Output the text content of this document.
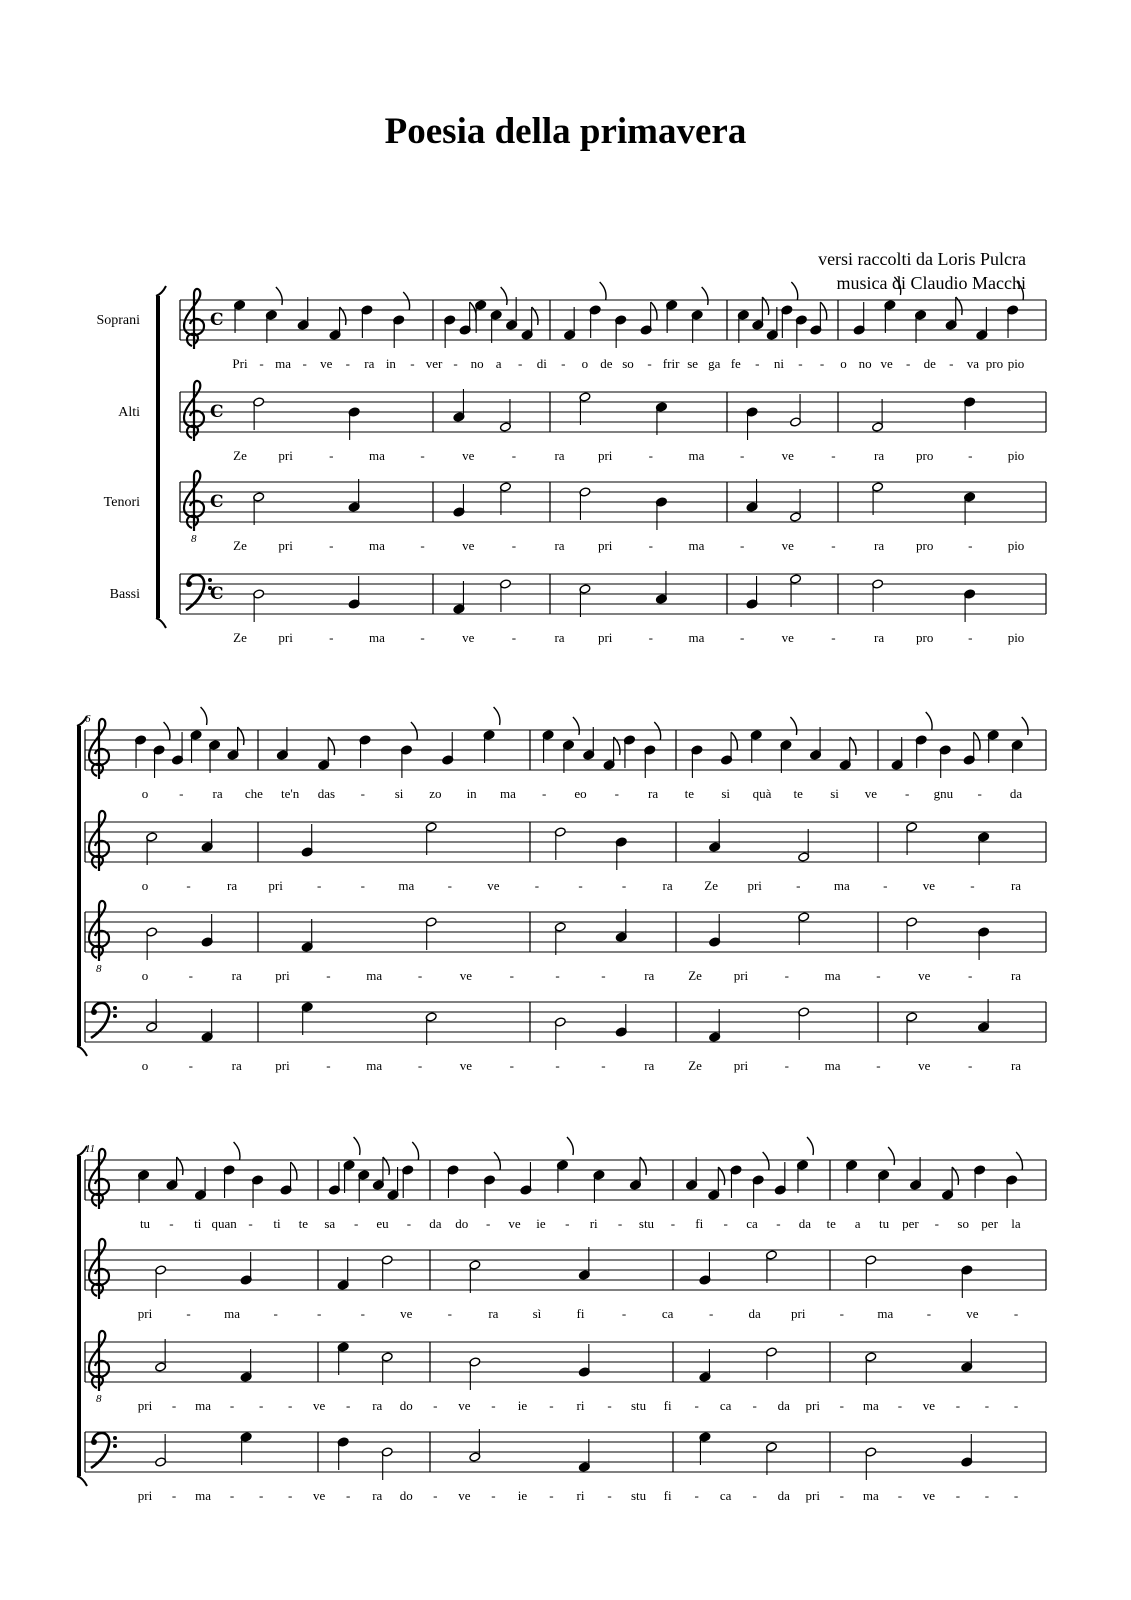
Poesia della primavera
versi raccolti da Loris Pulcra
musica di Claudio Macchi
C
Soprani
Pri - ma - ve - ra in - ver - no a - di - o de so - frir se ga fe - ni - - o no ve - de - va pro pio
C
Alti
Ze pri	-	ma	-	ve	-	ra	pri	-	ma	-	ve	-	ra pro	-	pio
8
C
Tenori
Ze pri	-	ma	-	ve	-	ra	pri	-	ma	-	ve	-	ra pro	-	pio
C
Bassi
Ze pri	-	ma	-	ve	-	ra	pri	-	ma	-	ve	-	ra pro	-	pio
6
o - ra che te'n das - si zo in ma - eo - ra te si quà te si ve - gnu - da
o	-	ra pri	-	-	ma	-	ve	-	-	-	ra Ze pri	-	ma	-	ve	-	ra
8	o	-	ra	pri	-	ma	-	ve	-	-	-	ra	Ze pri	-	ma	-	ve	-	ra
o	-	ra	pri	-	ma	-	ve	-	-	-	ra	Ze pri	-	ma	-	ve	-	ra
11
tu - ti quan - ti te sa - eu - da do - ve ie - ri - stu - fi - ca - da te a tu per - so per la
pri	-	ma	-	-	-	ve	-	ra	sì	fi	-	ca	-	da pri	-	ma	-	ve	-
8	pri - ma - - - ve - ra do - ve - ie - ri - stu fi - ca - da pri - ma - ve - - -
pri - ma - - - ve - ra do - ve - ie - ri - stu fi - ca - da pri - ma - ve - - -
